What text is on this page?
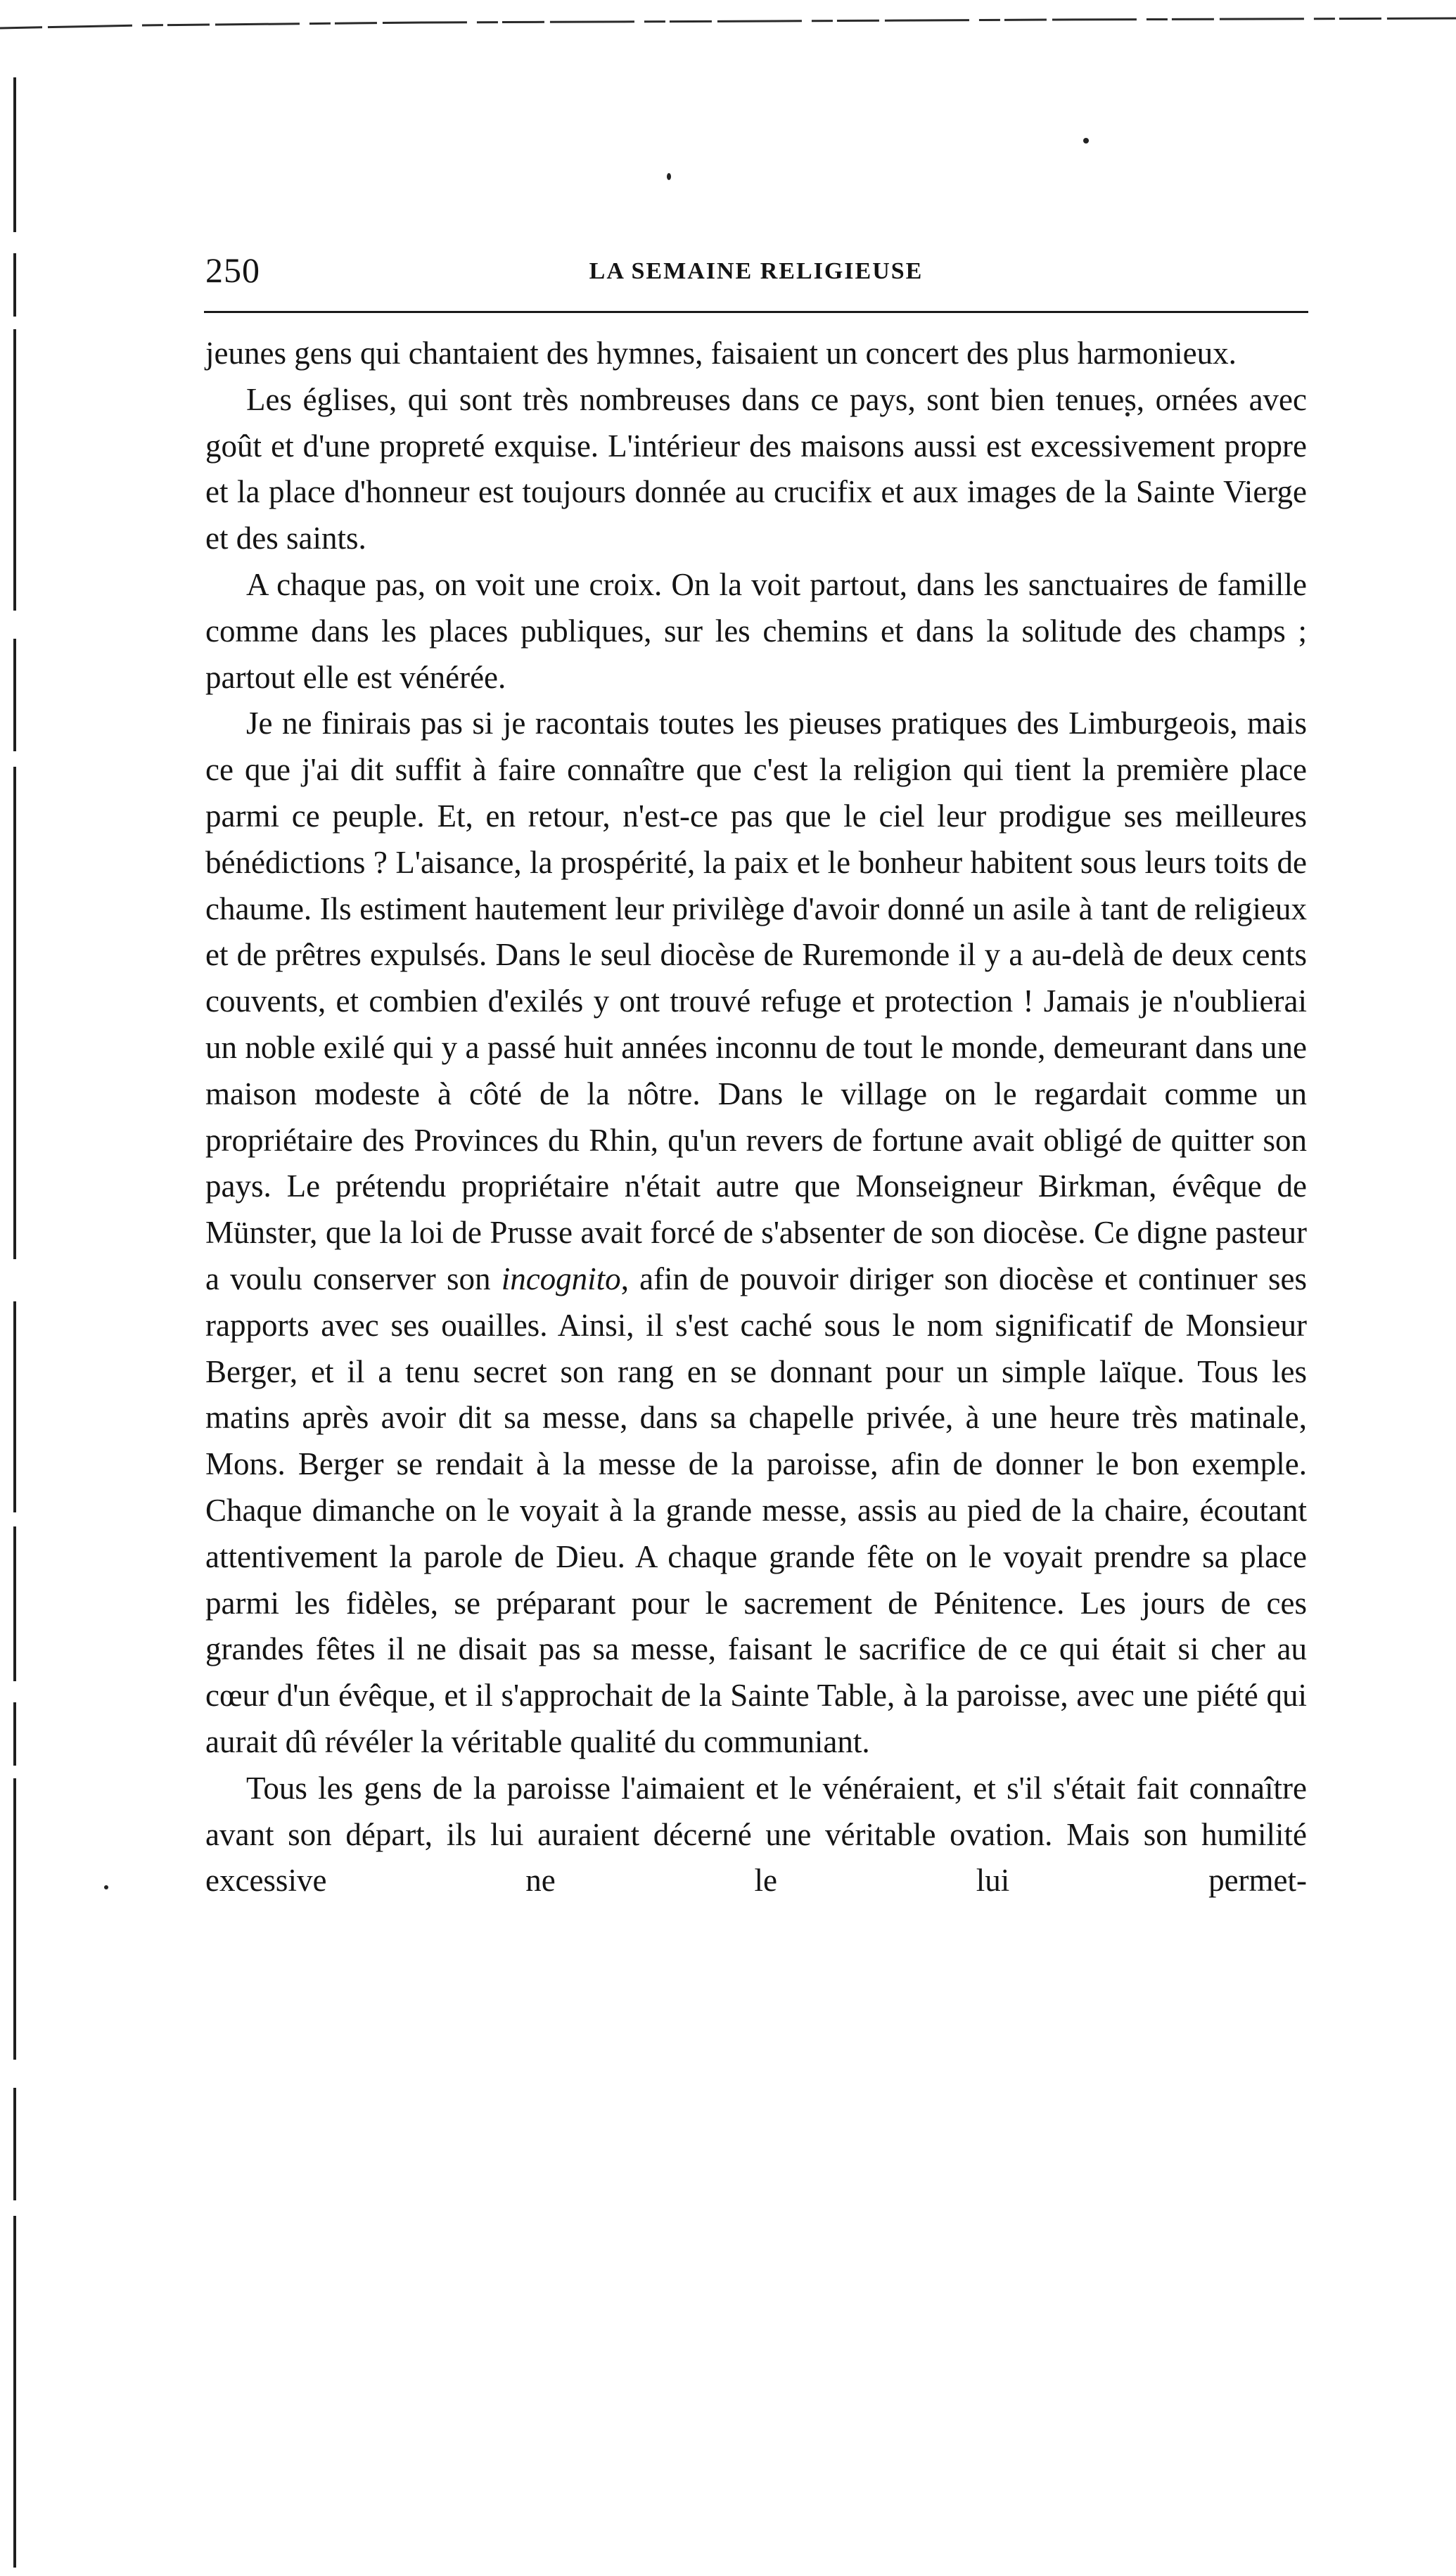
250	LA SEMAINE RELIGIEUSE

jeunes gens qui chantaient des hymnes, faisaient un concert des plus harmonieux.

Les églises, qui sont très nombreuses dans ce pays, sont bien tenues, ornées avec goût et d'une propreté exquise. L'intérieur des maisons aussi est excessivement propre et la place d'honneur est toujours donnée au crucifix et aux images de la Sainte Vierge et des saints.

A chaque pas, on voit une croix. On la voit partout, dans les sanctuaires de famille comme dans les places publiques, sur les chemins et dans la solitude des champs ; partout elle est vénérée.

Je ne finirais pas si je racontais toutes les pieuses pratiques des Limburgeois, mais ce que j'ai dit suffit à faire connaître que c'est la religion qui tient la première place parmi ce peuple. Et, en retour, n'est-ce pas que le ciel leur prodigue ses meilleures bénédictions ? L'aisance, la prospérité, la paix et le bonheur habitent sous leurs toits de chaume. Ils estiment hautement leur privilège d'avoir donné un asile à tant de religieux et de prêtres expulsés. Dans le seul diocèse de Ruremonde il y a au-delà de deux cents couvents, et combien d'exilés y ont trouvé refuge et protection ! Jamais je n'oublierai un noble exilé qui y a passé huit années inconnu de tout le monde, demeurant dans une maison modeste à côté de la nôtre. Dans le village on le regardait comme un propriétaire des Provinces du Rhin, qu'un revers de fortune avait obligé de quitter son pays. Le prétendu propriétaire n'était autre que Monseigneur Birkman, évêque de Münster, que la loi de Prusse avait forcé de s'absenter de son diocèse. Ce digne pasteur a voulu conserver son incognito, afin de pouvoir diriger son diocèse et continuer ses rapports avec ses ouailles. Ainsi, il s'est caché sous le nom significatif de Monsieur Berger, et il a tenu secret son rang en se donnant pour un simple laïque. Tous les matins après avoir dit sa messe, dans sa chapelle privée, à une heure très matinale, Mons. Berger se rendait à la messe de la paroisse, afin de donner le bon exemple. Chaque dimanche on le voyait à la grande messe, assis au pied de la chaire, écoutant attentivement la parole de Dieu. A chaque grande fête on le voyait prendre sa place parmi les fidèles, se préparant pour le sacrement de Pénitence. Les jours de ces grandes fêtes il ne disait pas sa messe, faisant le sacrifice de ce qui était si cher au cœur d'un évêque, et il s'approchait de la Sainte Table, à la paroisse, avec une piété qui aurait dû révéler la véritable qualité du communiant.

Tous les gens de la paroisse l'aimaient et le vénéraient, et s'il s'était fait connaître avant son départ, ils lui auraient décerné une véritable ovation. Mais son humilité excessive ne le lui permet-
